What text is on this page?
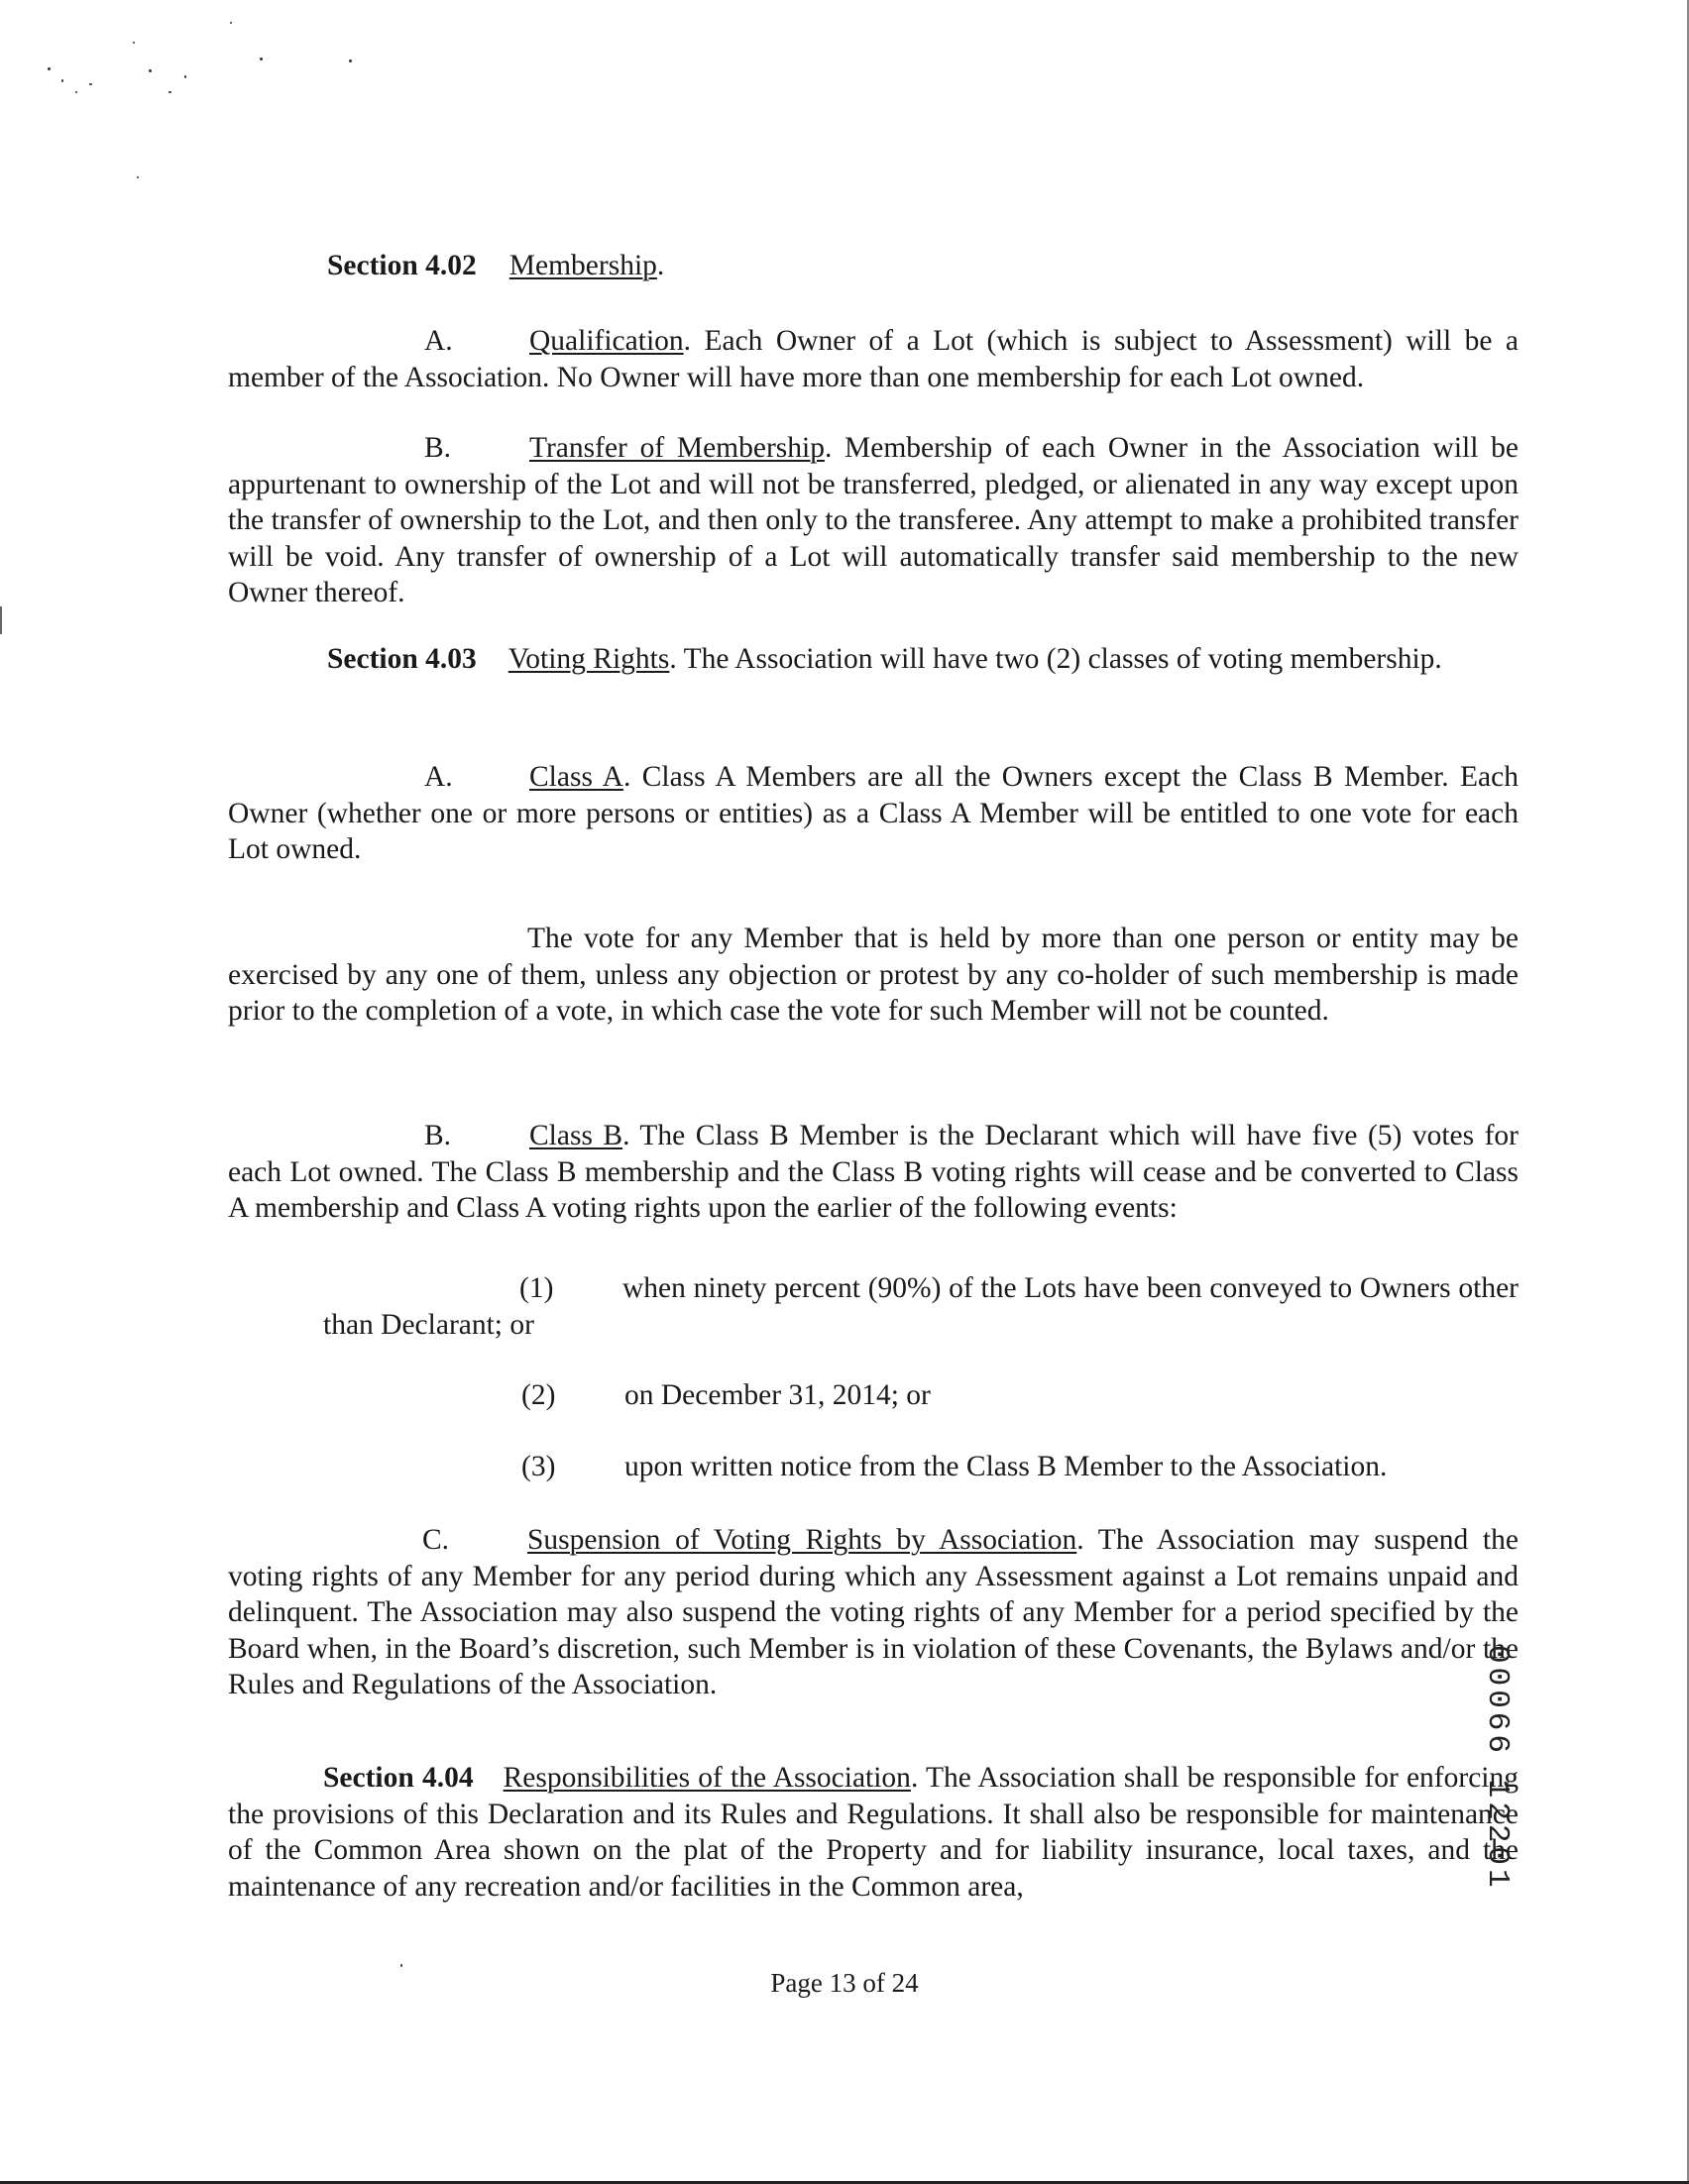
Section 4.02 Membership.
A.	Qualification. Each Owner of a Lot (which is subject to Assessment) will be a member of the Association. No Owner will have more than one membership for each Lot owned.
B.	Transfer of Membership. Membership of each Owner in the Association will be appurtenant to ownership of the Lot and will not be transferred, pledged, or alienated in any way except upon the transfer of ownership to the Lot, and then only to the transferee. Any attempt to make a prohibited transfer will be void. Any transfer of ownership of a Lot will automatically transfer said membership to the new Owner thereof.
Section 4.03 Voting Rights. The Association will have two (2) classes of voting membership.
A.	Class A. Class A Members are all the Owners except the Class B Member. Each Owner (whether one or more persons or entities) as a Class A Member will be entitled to one vote for each Lot owned.
The vote for any Member that is held by more than one person or entity may be exercised by any one of them, unless any objection or protest by any co-holder of such membership is made prior to the completion of a vote, in which case the vote for such Member will not be counted.
B.	Class B. The Class B Member is the Declarant which will have five (5) votes for each Lot owned. The Class B membership and the Class B voting rights will cease and be converted to Class A membership and Class A voting rights upon the earlier of the following events:
(1) when ninety percent (90%) of the Lots have been conveyed to Owners other than Declarant; or
(2) on December 31, 2014; or
(3) upon written notice from the Class B Member to the Association.
C.	Suspension of Voting Rights by Association. The Association may suspend the voting rights of any Member for any period during which any Assessment against a Lot remains unpaid and delinquent. The Association may also suspend the voting rights of any Member for a period specified by the Board when, in the Board’s discretion, such Member is in violation of these Covenants, the Bylaws and/or the Rules and Regulations of the Association.
Section 4.04 Responsibilities of the Association. The Association shall be responsible for enforcing the provisions of this Declaration and its Rules and Regulations. It shall also be responsible for maintenance of the Common Area shown on the plat of the Property and for liability insurance, local taxes, and the maintenance of any recreation and/or facilities in the Common area,
Page 13 of 24
00066 12201
